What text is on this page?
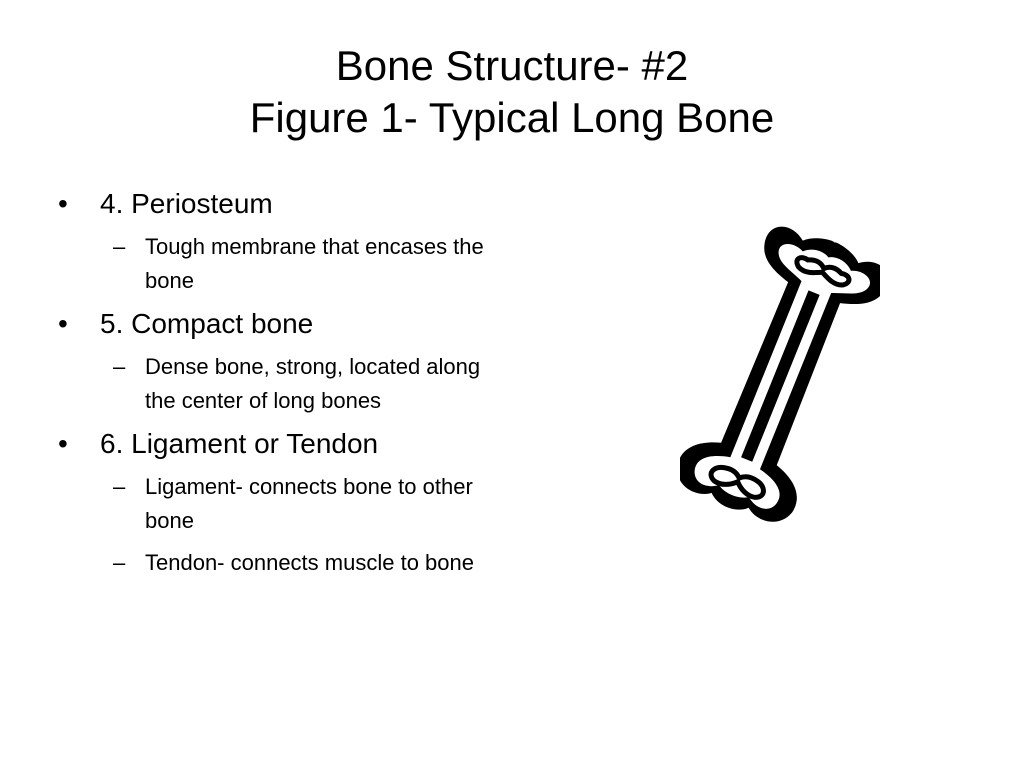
Bone Structure- #2
Figure 1- Typical Long Bone
• 4. Periosteum
– Tough membrane that encases the bone
• 5. Compact bone
– Dense bone, strong, located along the center of long bones
• 6. Ligament or Tendon
– Ligament- connects bone to other bone
– Tendon- connects muscle to bone
